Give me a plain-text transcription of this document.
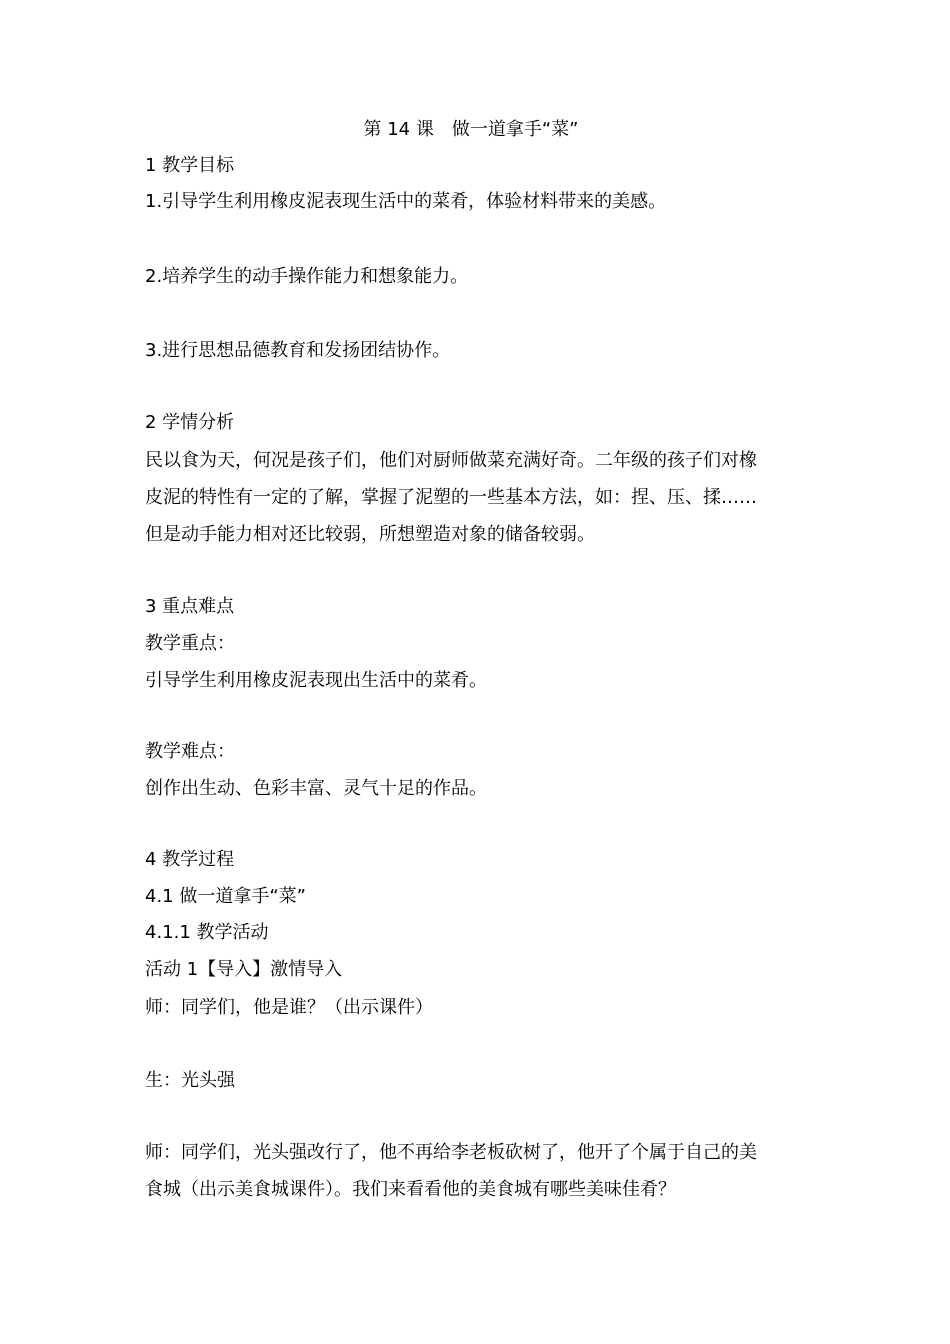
第 14 课　做一道拿手“菜”
1 教学目标
1.引导学生利用橡皮泥表现生活中的菜肴，体验材料带来的美感。
2.培养学生的动手操作能力和想象能力。
3.进行思想品德教育和发扬团结协作。
2 学情分析
民以食为天，何况是孩子们，他们对厨师做菜充满好奇。二年级的孩子们对橡
皮泥的特性有一定的了解，掌握了泥塑的一些基本方法，如：捏、压、揉……
但是动手能力相对还比较弱，所想塑造对象的储备较弱。
3 重点难点
教学重点：
引导学生利用橡皮泥表现出生活中的菜肴。
教学难点：
创作出生动、色彩丰富、灵气十足的作品。
4 教学过程
4.1 做一道拿手“菜”
4.1.1 教学活动
活动 1【导入】激情导入
师：同学们，他是谁？（出示课件）
生：光头强
师：同学们，光头强改行了，他不再给李老板砍树了，他开了个属于自己的美
食城（出示美食城课件）。我们来看看他的美食城有哪些美味佳肴？
